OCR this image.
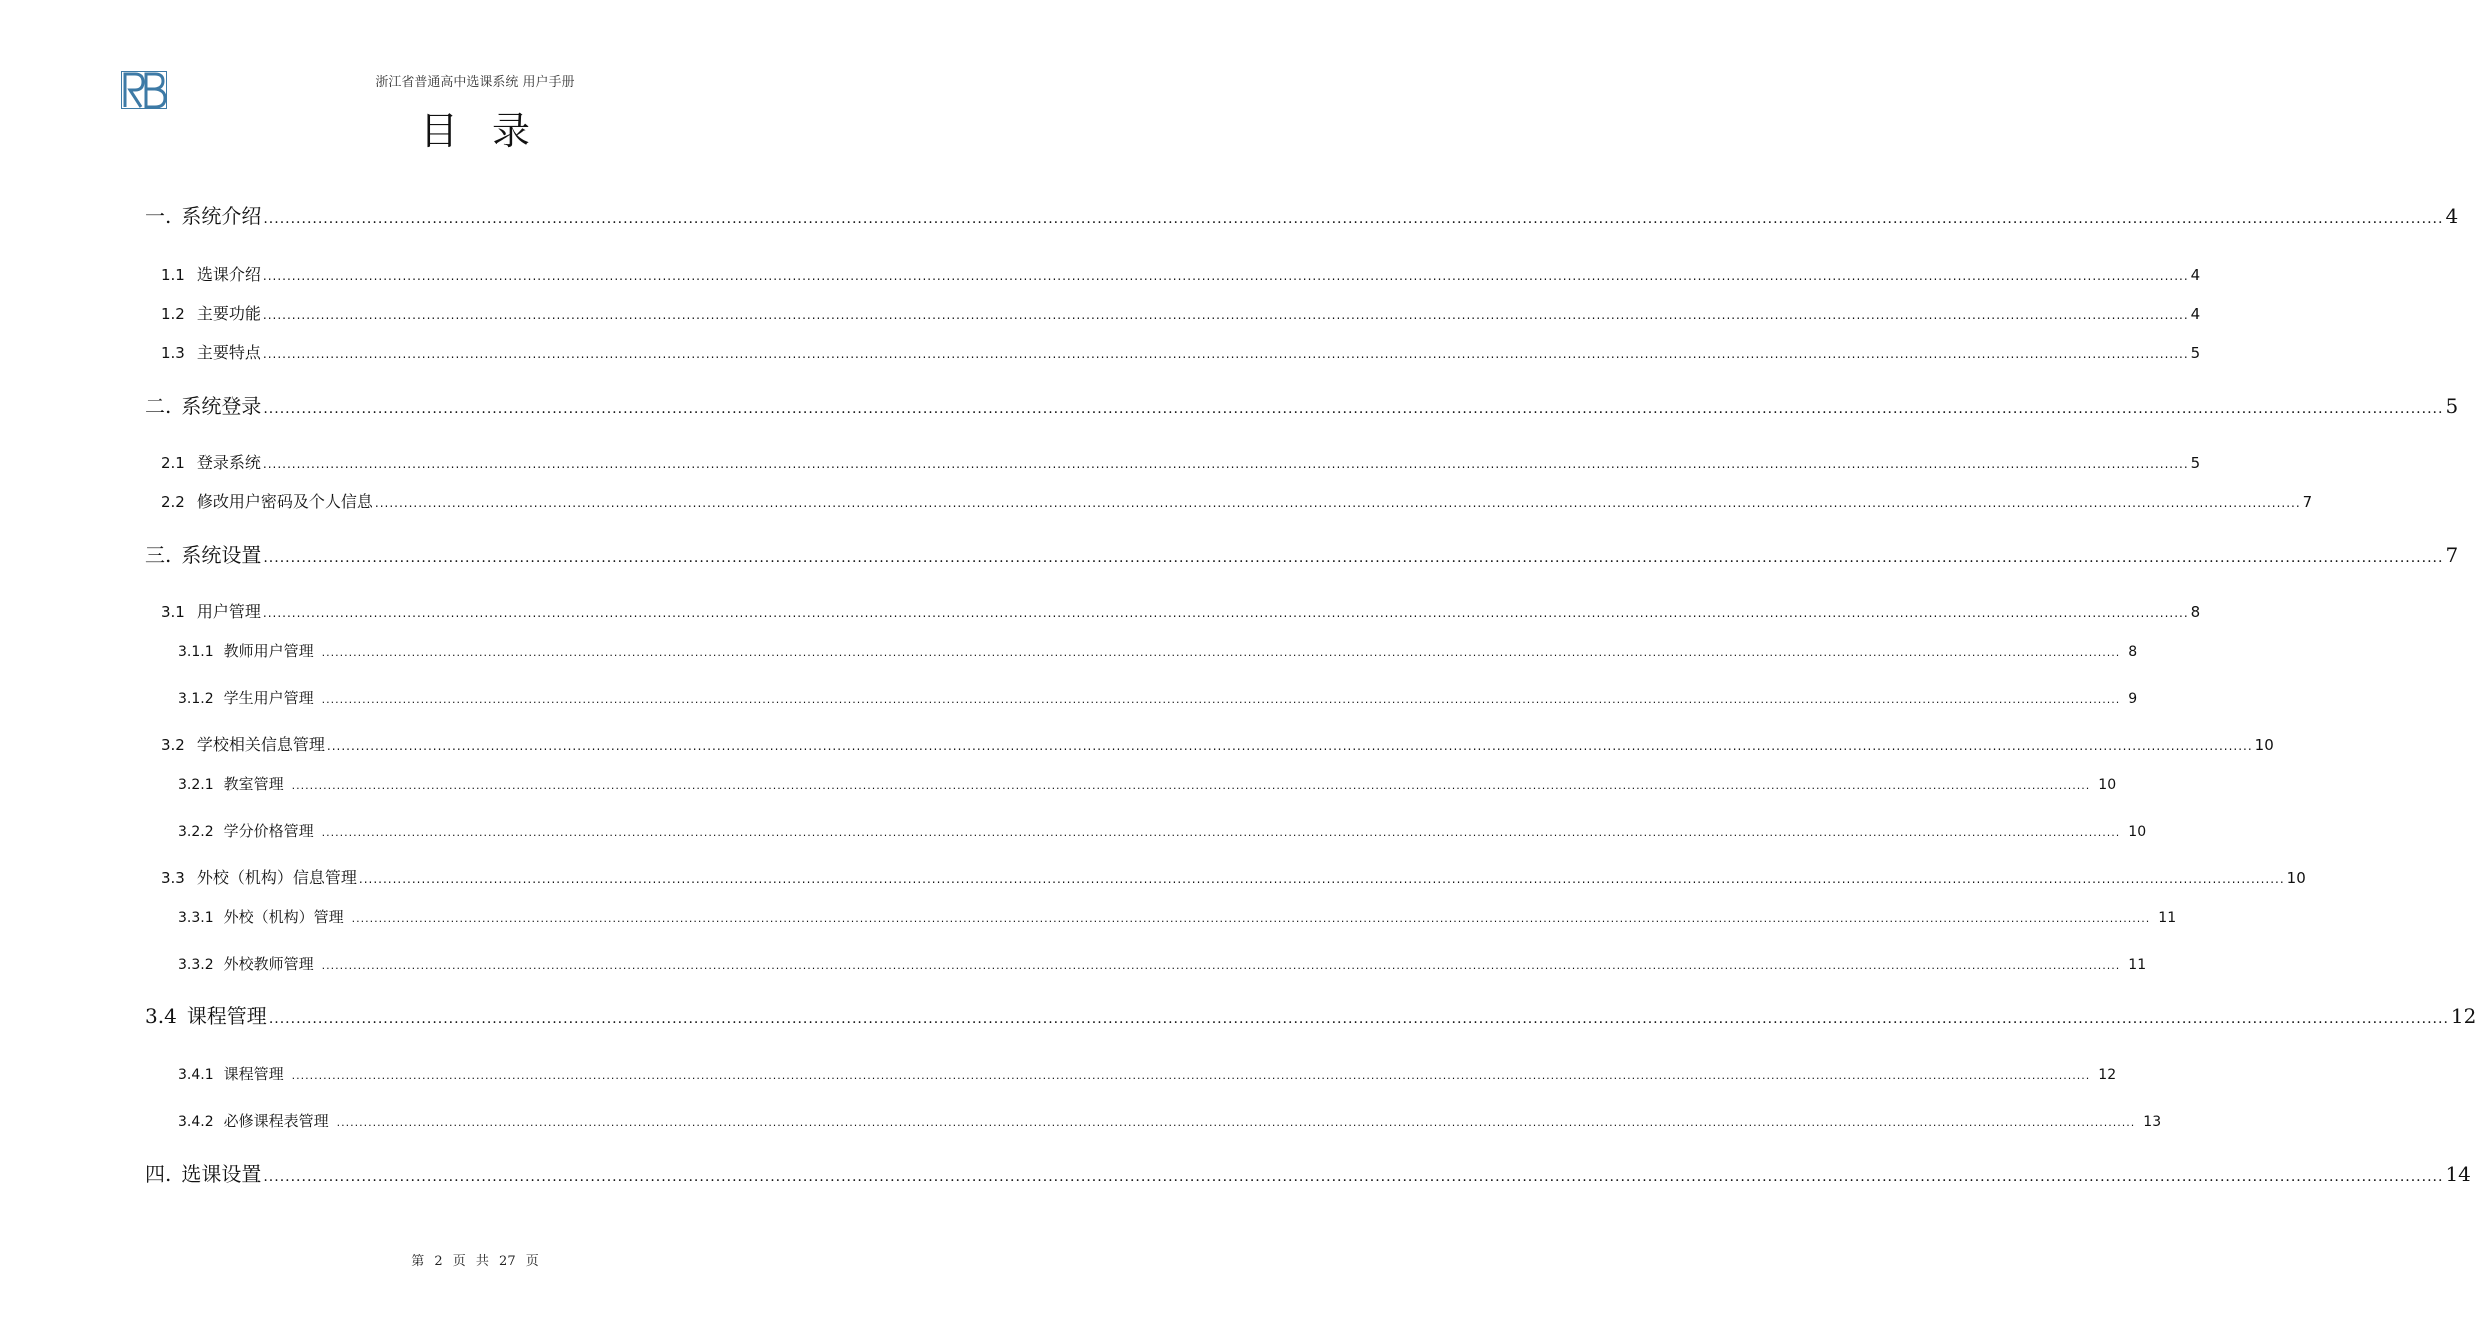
浙江省普通高中选课系统 用户手册
目录
一. 系统介绍 ................................................................................................................................................................................................................................................................................................................................................................................................................ 4
1.1 选课介绍 ................................................................................................................................................................................................................................................................................................................................................................................................................ 4
1.2 主要功能 ................................................................................................................................................................................................................................................................................................................................................................................................................ 4
1.3 主要特点 ................................................................................................................................................................................................................................................................................................................................................................................................................ 5
二. 系统登录 ................................................................................................................................................................................................................................................................................................................................................................................................................ 5
2.1 登录系统 ................................................................................................................................................................................................................................................................................................................................................................................................................ 5
2.2 修改用户密码及个人信息 ................................................................................................................................................................................................................................................................................................................................................................................................................ 7
三. 系统设置 ................................................................................................................................................................................................................................................................................................................................................................................................................ 7
3.1 用户管理 ................................................................................................................................................................................................................................................................................................................................................................................................................ 8
3.1.1 教师用户管理 ................................................................................................................................................................................................................................................................................................................................................................................................................ 8
3.1.2 学生用户管理 ................................................................................................................................................................................................................................................................................................................................................................................................................ 9
3.2 学校相关信息管理 ................................................................................................................................................................................................................................................................................................................................................................................................................ 10
3.2.1 教室管理 ................................................................................................................................................................................................................................................................................................................................................................................................................ 10
3.2.2 学分价格管理 ................................................................................................................................................................................................................................................................................................................................................................................................................ 10
3.3 外校（机构）信息管理 ................................................................................................................................................................................................................................................................................................................................................................................................................ 10
3.3.1 外校（机构）管理 ................................................................................................................................................................................................................................................................................................................................................................................................................ 11
3.3.2 外校教师管理 ................................................................................................................................................................................................................................................................................................................................................................................................................ 11
3.4 课程管理 ................................................................................................................................................................................................................................................................................................................................................................................................................ 12
3.4.1 课程管理 ................................................................................................................................................................................................................................................................................................................................................................................................................ 12
3.4.2 必修课程表管理 ................................................................................................................................................................................................................................................................................................................................................................................................................ 13
四. 选课设置 ................................................................................................................................................................................................................................................................................................................................................................................................................ 14
第 2 页 共 27 页
